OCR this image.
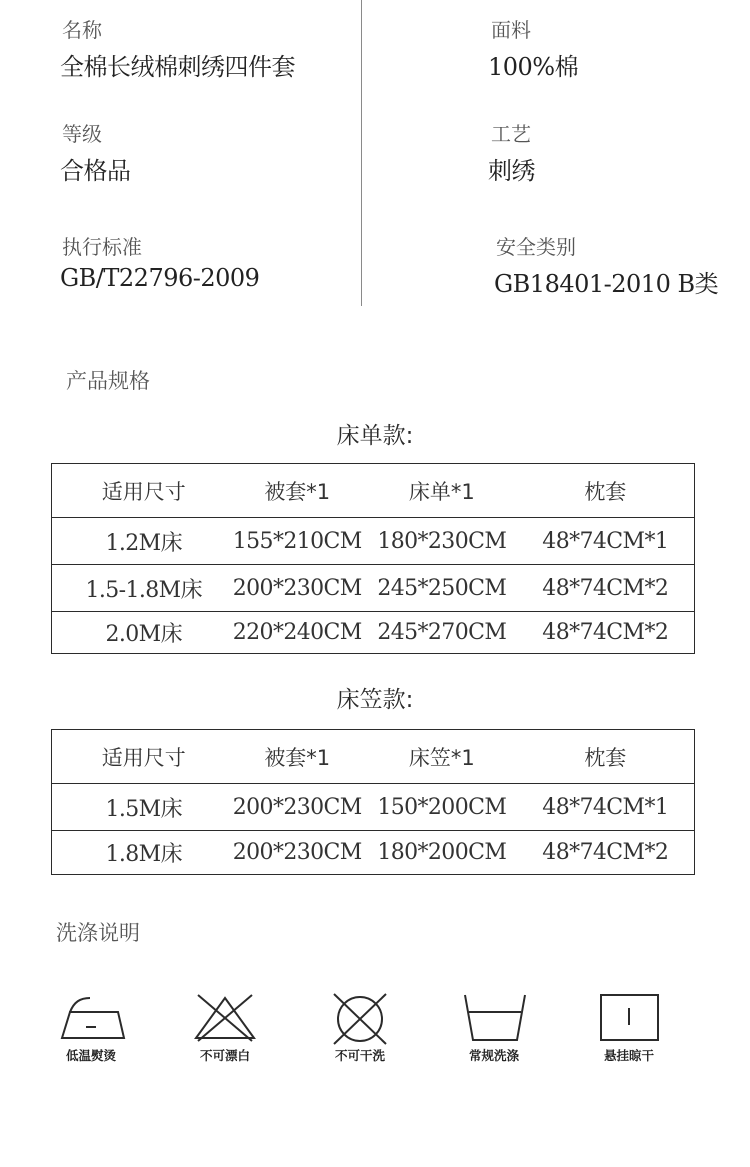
名称
全棉长绒棉刺绣四件套
面料
100%棉
等级
合格品
工艺
刺绣
执行标准
GB/T22796-2009
安全类别
GB18401-2010 B类
产品规格
床单款:
适用尺寸	被套*1	床单*1	枕套
1.2M床	155*210CM 180*230CM	48*74CM*1
1.5-1.8M床	200*230CM 245*250CM	48*74CM*2
2.0M床	220*240CM 245*270CM	48*74CM*2
床笠款:
适用尺寸	被套*1	床笠*1	枕套
1.5M床	200*230CM 150*200CM	48*74CM*1
1.8M床	200*230CM 180*200CM	48*74CM*2
洗涤说明
低温熨烫	不可漂白	不可干洗	常规洗涤	悬挂晾干
